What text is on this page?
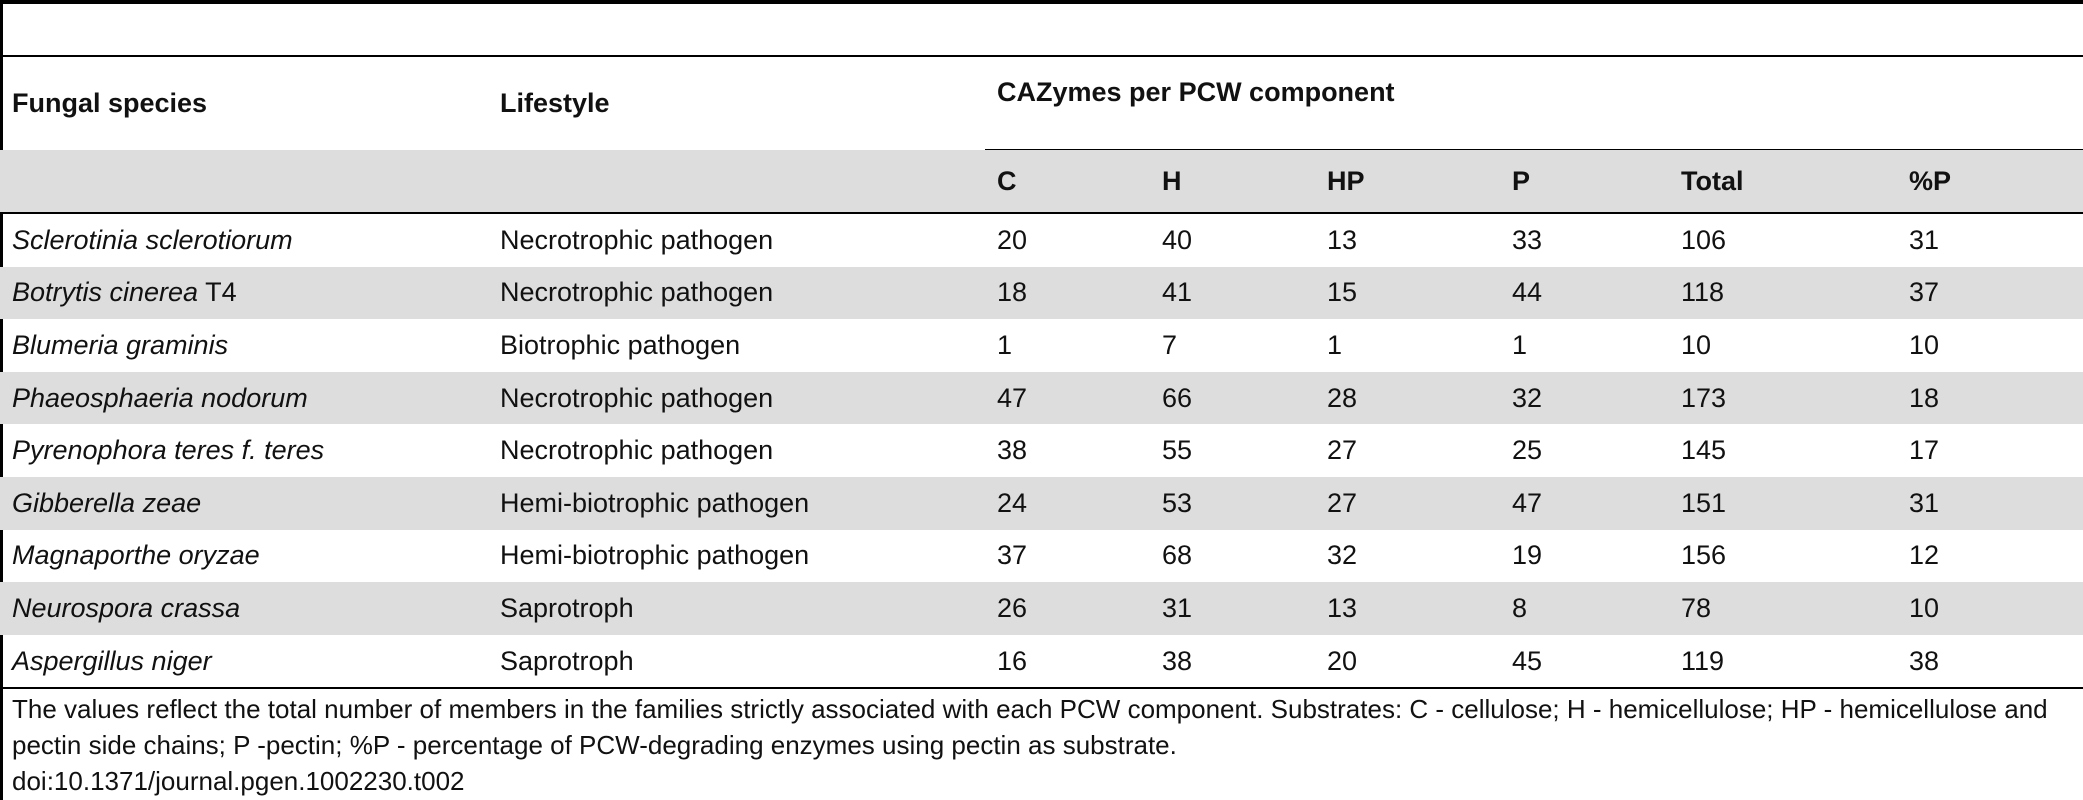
Fungal species	Lifestyle	CAZymes per PCW component					
		C	H	HP	P	Total	%P
Sclerotinia sclerotiorum	Necrotrophic pathogen	20	40	13	33	106	31
Botrytis cinerea T4	Necrotrophic pathogen	18	41	15	44	118	37
Blumeria graminis	Biotrophic pathogen	1	7	1	1	10	10
Phaeosphaeria nodorum	Necrotrophic pathogen	47	66	28	32	173	18
Pyrenophora teres f. teres	Necrotrophic pathogen	38	55	27	25	145	17
Gibberella zeae	Hemi-biotrophic pathogen	24	53	27	47	151	31
Magnaporthe oryzae	Hemi-biotrophic pathogen	37	68	32	19	156	12
Neurospora crassa	Saprotroph	26	31	13	8	78	10
Aspergillus niger	Saprotroph	16	38	20	45	119	38
The values reflect the total number of members in the families strictly associated with each PCW component. Substrates: C - cellulose; H - hemicellulose; HP - hemicellulose and pectin side chains; P -pectin; %P - percentage of PCW-degrading enzymes using pectin as substrate.
doi:10.1371/journal.pgen.1002230.t002
